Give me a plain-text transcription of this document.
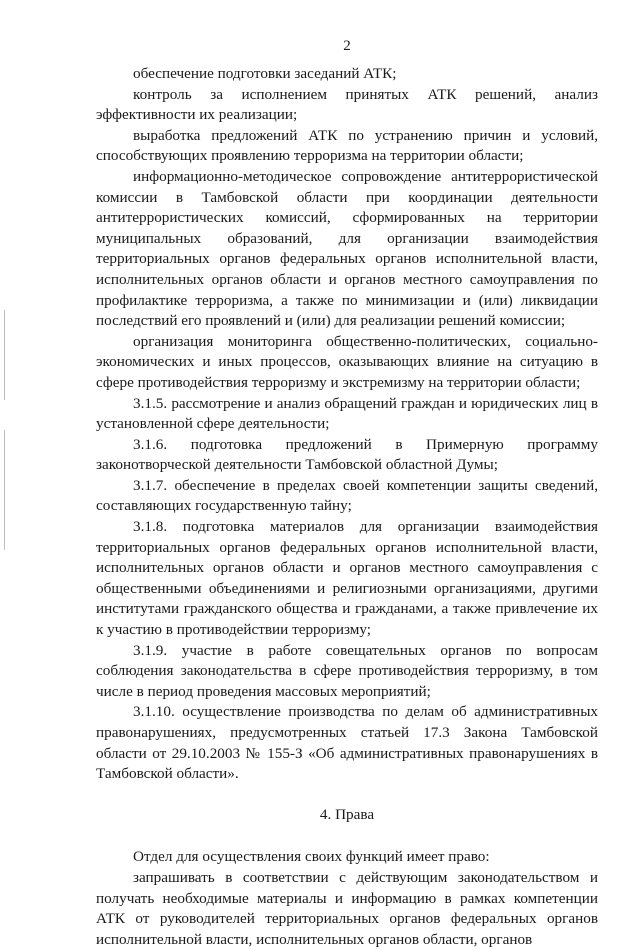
2

обеспечение подготовки заседаний АТК;

контроль за исполнением принятых АТК решений, анализ эффективности их реализации;

выработка предложений АТК по устранению причин и условий, способствующих проявлению терроризма на территории области;

информационно-методическое сопровождение антитеррористической комиссии в Тамбовской области при координации деятельности антитеррористических комиссий, сформированных на территории муниципальных образований, для организации взаимодействия территориальных органов федеральных органов исполнительной власти, исполнительных органов области и органов местного самоуправления по профилактике терроризма, а также по минимизации и (или) ликвидации последствий его проявлений и (или) для реализации решений комиссии;

организация мониторинга общественно-политических, социально-экономических и иных процессов, оказывающих влияние на ситуацию в сфере противодействия терроризму и экстремизму на территории области;

3.1.5. рассмотрение и анализ обращений граждан и юридических лиц в установленной сфере деятельности;

3.1.6. подготовка предложений в Примерную программу законотворческой деятельности Тамбовской областной Думы;

3.1.7. обеспечение в пределах своей компетенции защиты сведений, составляющих государственную тайну;

3.1.8. подготовка материалов для организации взаимодействия территориальных органов федеральных органов исполнительной власти, исполнительных органов области и органов местного самоуправления с общественными объединениями и религиозными организациями, другими институтами гражданского общества и гражданами, а также привлечение их к участию в противодействии терроризму;

3.1.9. участие в работе совещательных органов по вопросам соблюдения законодательства в сфере противодействия терроризму, в том числе в период проведения массовых мероприятий;

3.1.10. осуществление производства по делам об административных правонарушениях, предусмотренных статьей 17.3 Закона Тамбовской области от 29.10.2003 № 155-З «Об административных правонарушениях в Тамбовской области».

4. Права

Отдел для осуществления своих функций имеет право:

запрашивать в соответствии с действующим законодательством и получать необходимые материалы и информацию в рамках компетенции АТК от руководителей территориальных органов федеральных органов исполнительной власти, исполнительных органов области, органов
